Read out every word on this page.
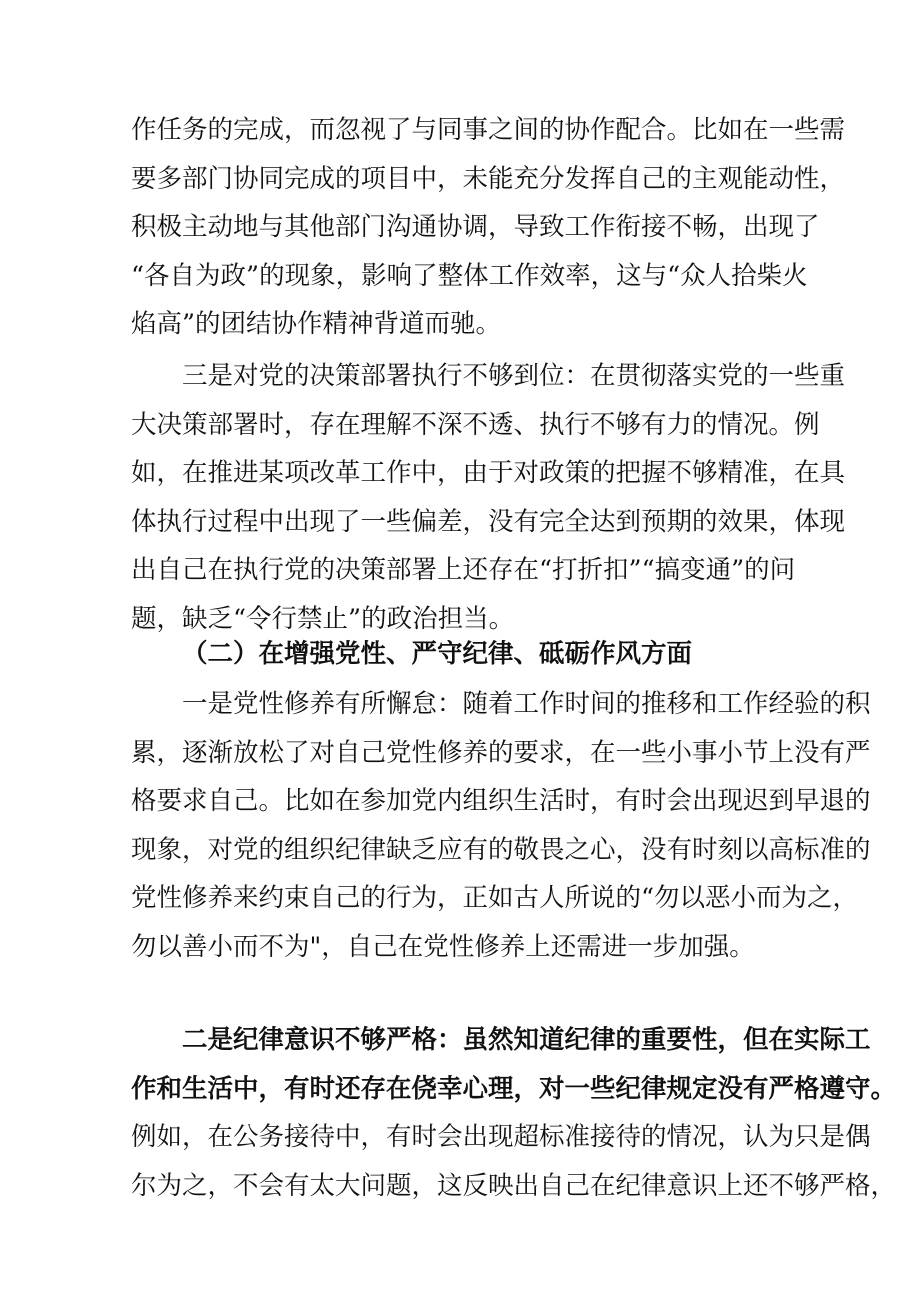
作任务的完成，而忽视了与同事之间的协作配合。比如在一些需
要多部门协同完成的项目中，未能充分发挥自己的主观能动性，
积极主动地与其他部门沟通协调，导致工作衔接不畅，出现了
“各自为政”的现象，影响了整体工作效率，这与“众人拾柴火
焰高”的团结协作精神背道而驰。
三是对党的决策部署执行不够到位：在贯彻落实党的一些重
大决策部署时，存在理解不深不透、执行不够有力的情况。例
如，在推进某项改革工作中，由于对政策的把握不够精准，在具
体执行过程中出现了一些偏差，没有完全达到预期的效果，体现
出自己在执行党的决策部署上还存在“打折扣”“搞变通”的问
题，缺乏“令行禁止”的政治担当。
（二）在增强党性、严守纪律、砥砺作风方面
一是党性修养有所懈怠：随着工作时间的推移和工作经验的积
累，逐渐放松了对自己党性修养的要求，在一些小事小节上没有严
格要求自己。比如在参加党内组织生活时，有时会出现迟到早退的
现象，对党的组织纪律缺乏应有的敬畏之心，没有时刻以高标准的
党性修养来约束自己的行为，正如古人所说的“勿以恶小而为之，
勿以善小而不为"，自己在党性修养上还需进一步加强。
二是纪律意识不够严格：虽然知道纪律的重要性，但在实际工
作和生活中，有时还存在侥幸心理，对一些纪律规定没有严格遵守。
例如，在公务接待中，有时会出现超标准接待的情况，认为只是偶
尔为之，不会有太大问题，这反映出自己在纪律意识上还不够严格，
